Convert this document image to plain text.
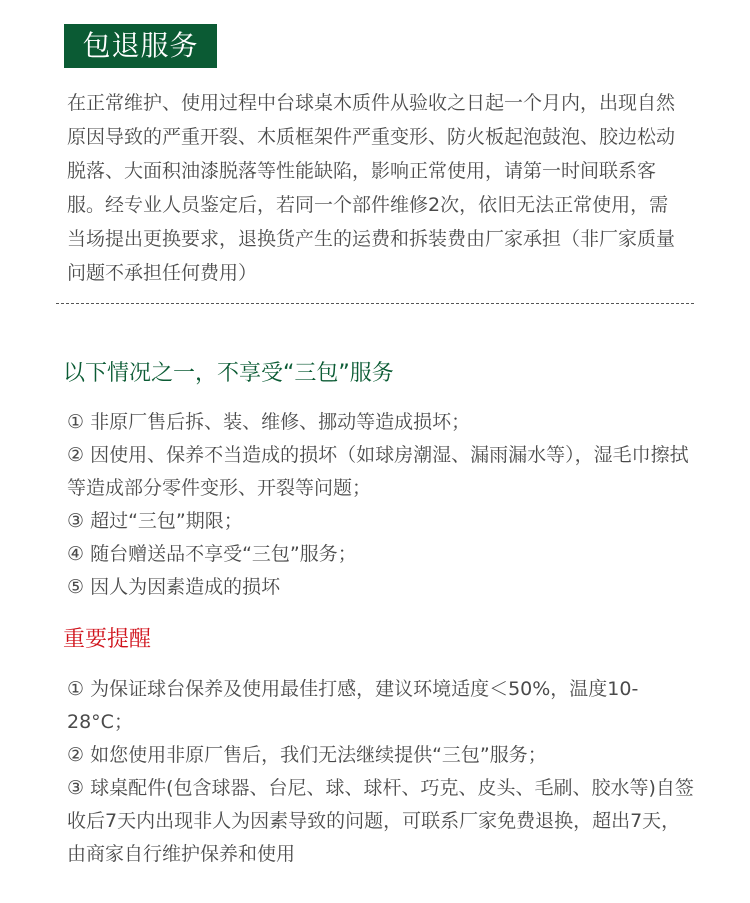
包退服务

在正常维护、使用过程中台球桌木质件从验收之日起一个月内，出现自然原因导致的严重开裂、木质框架件严重变形、防火板起泡鼓泡、胶边松动脱落、大面积油漆脱落等性能缺陷，影响正常使用，请第一时间联系客服。经专业人员鉴定后，若同一个部件维修2次，依旧无法正常使用，需当场提出更换要求，退换货产生的运费和拆装费由厂家承担（非厂家质量问题不承担任何费用）

以下情况之一，不享受“三包”服务
① 非原厂售后拆、装、维修、挪动等造成损坏；
② 因使用、保养不当造成的损坏（如球房潮湿、漏雨漏水等），湿毛巾擦拭等造成部分零件变形、开裂等问题；
③ 超过“三包”期限；
④ 随台赠送品不享受“三包”服务；
⑤ 因人为因素造成的损坏
重要提醒
① 为保证球台保养及使用最佳打感，建议环境适度＜50%，温度10-28°C；
② 如您使用非原厂售后，我们无法继续提供“三包”服务；
③ 球桌配件(包含球器、台尼、球、球杆、巧克、皮头、毛刷、胶水等)自签收后7天内出现非人为因素导致的问题，可联系厂家免费退换，超出7天，由商家自行维护保养和使用
